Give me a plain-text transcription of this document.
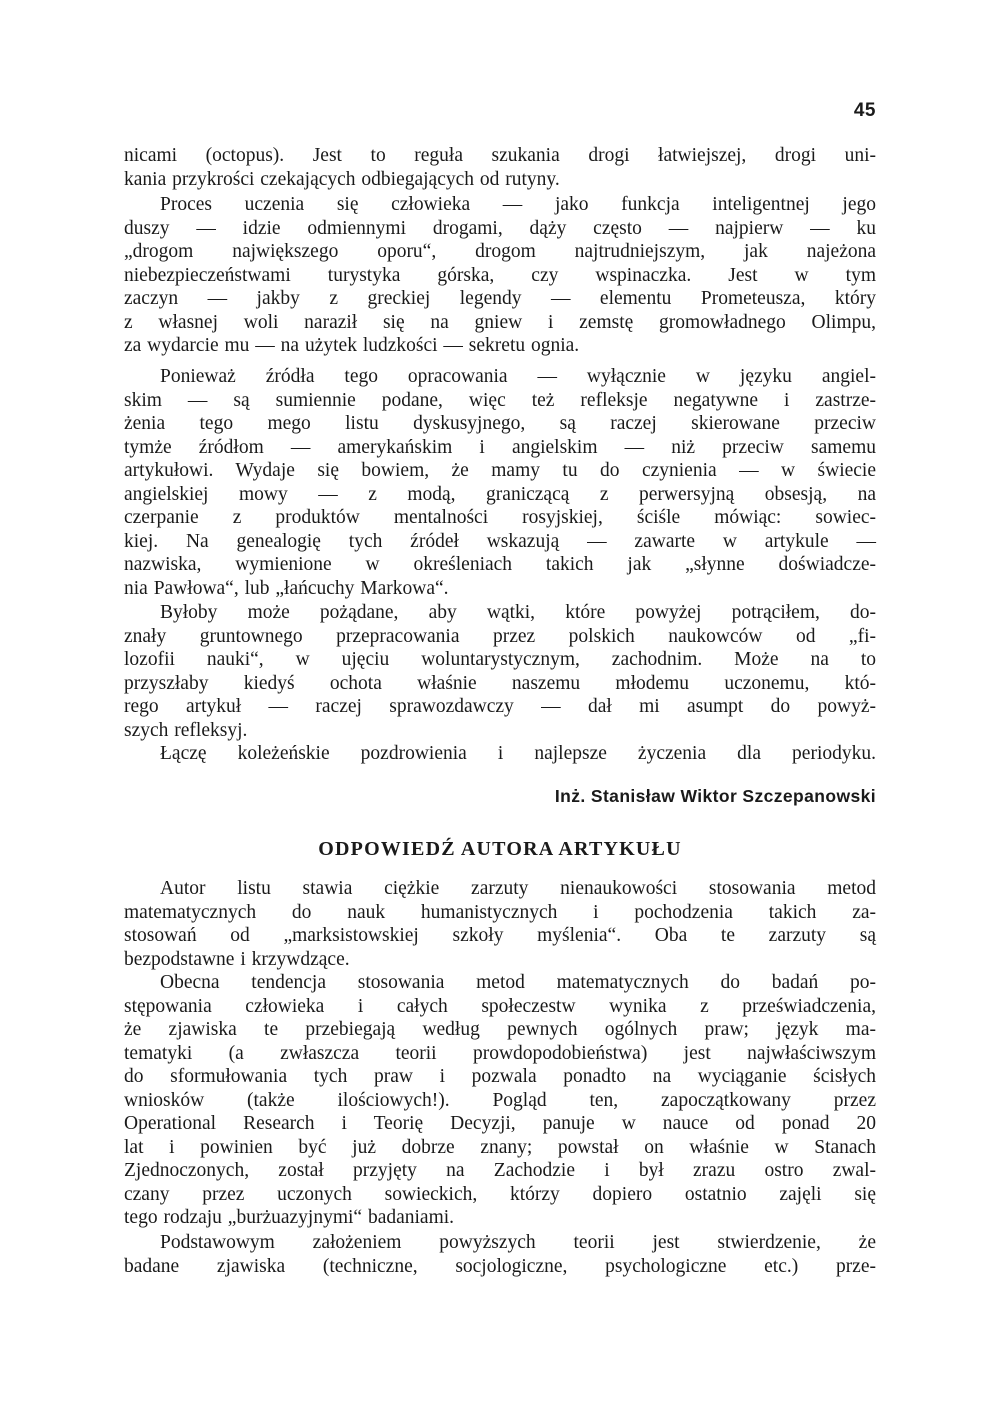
45
nicami (octopus). Jest to reguła szukania drogi łatwiejszej, drogi uni-
kania przykrości czekających odbiegających od rutyny.
Proces uczenia się człowieka — jako funkcja inteligentnej jego
duszy — idzie odmiennymi drogami, dąży często — najpierw — ku
„drogom największego oporu“, drogom najtrudniejszym, jak najeżona
niebezpieczeństwami turystyka górska, czy wspinaczka. Jest w tym
zaczyn — jakby z greckiej legendy — elementu Prometeusza, który
z własnej woli naraził się na gniew i zemstę gromowładnego Olimpu,
za wydarcie mu — na użytek ludzkości — sekretu ognia.
Ponieważ źródła tego opracowania — wyłącznie w języku angiel-
skim — są sumiennie podane, więc też refleksje negatywne i zastrze-
żenia tego mego listu dyskusyjnego, są raczej skierowane przeciw
tymże źródłom — amerykańskim i angielskim — niż przeciw samemu
artykułowi. Wydaje się bowiem, że mamy tu do czynienia — w świecie
angielskiej mowy — z modą, graniczącą z perwersyjną obsesją, na
czerpanie z produktów mentalności rosyjskiej, ściśle mówiąc: sowiec-
kiej. Na genealogię tych źródeł wskazują — zawarte w artykule —
nazwiska, wymienione w określeniach takich jak „słynne doświadcze-
nia Pawłowa“, lub „łańcuchy Markowa“.
Byłoby może pożądane, aby wątki, które powyżej potrąciłem, do-
znały gruntownego przepracowania przez polskich naukowców od „fi-
lozofii nauki“, w ujęciu woluntarystycznym, zachodnim. Może na to
przyszłaby kiedyś ochota właśnie naszemu młodemu uczonemu, któ-
rego artykuł — raczej sprawozdawczy — dał mi asumpt do powyż-
szych refleksyj.
Łączę koleżeńskie pozdrowienia i najlepsze życzenia dla periodyku.
Inż. Stanisław Wiktor Szczepanowski
ODPOWIEDŹ AUTORA ARTYKUŁU
Autor listu stawia ciężkie zarzuty nienaukowości stosowania metod
matematycznych do nauk humanistycznych i pochodzenia takich za-
stosowań od „marksistowskiej szkoły myślenia“. Oba te zarzuty są
bezpodstawne i krzywdzące.
Obecna tendencja stosowania metod matematycznych do badań po-
stępowania człowieka i całych społeczestw wynika z przeświadczenia,
że zjawiska te przebiegają według pewnych ogólnych praw; język ma-
tematyki (a zwłaszcza teorii prowdopodobieństwa) jest najwłaściwszym
do sformułowania tych praw i pozwala ponadto na wyciąganie ścisłych
wniosków (także ilościowych!). Pogląd ten, zapoczątkowany przez
Operational Research i Teorię Decyzji, panuje w nauce od ponad 20
lat i powinien być już dobrze znany; powstał on właśnie w Stanach
Zjednoczonych, został przyjęty na Zachodzie i był zrazu ostro zwal-
czany przez uczonych sowieckich, którzy dopiero ostatnio zajęli się
tego rodzaju „burżuazyjnymi“ badaniami.
Podstawowym założeniem powyższych teorii jest stwierdzenie, że
badane zjawiska (techniczne, socjologiczne, psychologiczne etc.) prze-
